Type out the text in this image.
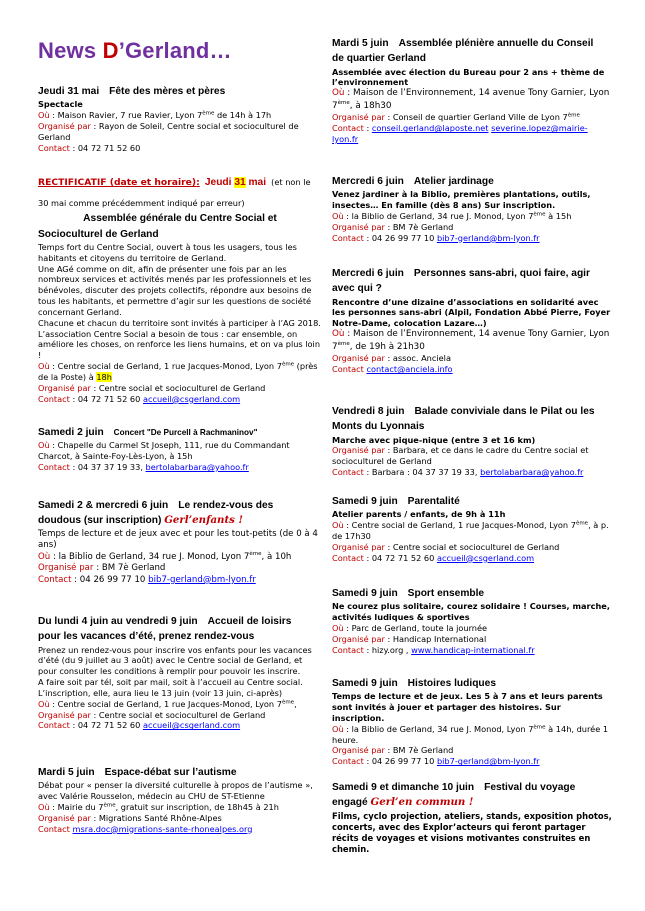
News D’Gerland…
Jeudi 31 mai Fête des mères et pères
Spectacle
Où : Maison Ravier, 7 rue Ravier, Lyon 7ème de 14h à 17h
Organisé par : Rayon de Soleil, Centre social et socioculturel de Gerland
Contact : 04 72 71 52 60
RECTIFICATIF (date et horaire): Jeudi 31 mai (et non le 30 mai comme précédemment indiqué par erreur)
Assemblée générale du Centre Social et
Socioculturel de Gerland
Temps fort du Centre Social, ouvert à tous les usagers, tous les habitants et citoyens du territoire de Gerland.
Une AGé comme on dit, afin de présenter une fois par an les nombreux services et activités menés par les professionnels et les bénévoles, discuter des projets collectifs, répondre aux besoins de tous les habitants, et permettre d’agir sur les questions de société concernant Gerland.
Chacune et chacun du territoire sont invités à participer à l’AG 2018. L’association Centre Social a besoin de tous : car ensemble, on améliore les choses, on renforce les liens humains, et on va plus loin !
Où : Centre social de Gerland, 1 rue Jacques-Monod, Lyon 7ème (près de la Poste) à 18h
Organisé par : Centre social et socioculturel de Gerland
Contact : 04 72 71 52 60 accueil@csgerland.com
Samedi 2 juin Concert "De Purcell à Rachmaninov"
Où : Chapelle du Carmel St Joseph, 111, rue du Commandant Charcot, à Sainte-Foy-Lès-Lyon, à 15h
Contact : 04 37 37 19 33, bertolabarbara@yahoo.fr
Samedi 2 & mercredi 6 juin Le rendez-vous des
doudous (sur inscription) Gerl’enfants !
Temps de lecture et de jeux avec et pour les tout-petits (de 0 à 4 ans)
Où : la Biblio de Gerland, 34 rue J. Monod, Lyon 7ème, à 10h
Organisé par : BM 7è Gerland
Contact : 04 26 99 77 10 bib7-gerland@bm-lyon.fr
Du lundi 4 juin au vendredi 9 juin Accueil de loisirs
pour les vacances d’été, prenez rendez-vous
Prenez un rendez-vous pour inscrire vos enfants pour les vacances d’été (du 9 juillet au 3 août) avec le Centre social de Gerland, et pour consulter les conditions à remplir pour pouvoir les inscrire.
A faire soit par tél, soit par mail, soit à l’accueil au Centre social.
L’inscription, elle, aura lieu le 13 juin (voir 13 juin, ci-après)
Où : Centre social de Gerland, 1 rue Jacques-Monod, Lyon 7ème,
Organisé par : Centre social et socioculturel de Gerland
Contact : 04 72 71 52 60 accueil@csgerland.com
Mardi 5 juin Espace-débat sur l’autisme
Débat pour « penser la diversité culturelle à propos de l’autisme », avec Valérie Rousselon, médecin au CHU de ST-Etienne
Où : Mairie du 7ème, gratuit sur inscription, de 18h45 à 21h
Organisé par : Migrations Santé Rhône-Alpes
Contact msra.doc@migrations-sante-rhonealpes.org
Mardi 5 juin Assemblée plénière annuelle du Conseil
de quartier Gerland
Assemblée avec élection du Bureau pour 2 ans + thème de l’environnement
Où : Maison de l’Environnement, 14 avenue Tony Garnier, Lyon 7ème, à 18h30
Organisé par : Conseil de quartier Gerland Ville de Lyon 7ème
Contact : conseil.gerland@laposte.net severine.lopez@mairie-lyon.fr
Mercredi 6 juin Atelier jardinage
Venez jardiner à la Biblio, premières plantations, outils, insectes… En famille (dès 8 ans) Sur inscription.
Où : la Biblio de Gerland, 34 rue J. Monod, Lyon 7ème à 15h
Organisé par : BM 7è Gerland
Contact : 04 26 99 77 10 bib7-gerland@bm-lyon.fr
Mercredi 6 juin Personnes sans-abri, quoi faire, agir
avec qui ?
Rencontre d’une dizaine d’associations en solidarité avec les personnes sans-abri (Alpil, Fondation Abbé Pierre, Foyer Notre-Dame, colocation Lazare…)
Où : Maison de l’Environnement, 14 avenue Tony Garnier, Lyon 7ème, de 19h à 21h30
Organisé par : assoc. Anciela
Contact contact@anciela.info
Vendredi 8 juin Balade conviviale dans le Pilat ou les
Monts du Lyonnais
Marche avec pique-nique (entre 3 et 16 km)
Organisé par : Barbara, et ce dans le cadre du Centre social et socioculturel de Gerland
Contact : Barbara : 04 37 37 19 33, bertolabarbara@yahoo.fr
Samedi 9 juin Parentalité
Atelier parents / enfants, de 9h à 11h
Où : Centre social de Gerland, 1 rue Jacques-Monod, Lyon 7ème, à p. de 17h30
Organisé par : Centre social et socioculturel de Gerland
Contact : 04 72 71 52 60 accueil@csgerland.com
Samedi 9 juin Sport ensemble
Ne courez plus solitaire, courez solidaire ! Courses, marche, activités ludiques & sportives
Où : Parc de Gerland, toute la journée
Organisé par : Handicap International
Contact : hizy.org , www.handicap-international.fr
Samedi 9 juin Histoires ludiques
Temps de lecture et de jeux. Les 5 à 7 ans et leurs parents sont invités à jouer et partager des histoires. Sur inscription.
Où : la Biblio de Gerland, 34 rue J. Monod, Lyon 7ème à 14h, durée 1 heure.
Organisé par : BM 7è Gerland
Contact : 04 26 99 77 10 bib7-gerland@bm-lyon.fr
Samedi 9 et dimanche 10 juin Festival du voyage
engagé Gerl’en commun !
Films, cyclo projection, ateliers, stands, exposition photos, concerts, avec des Explor’acteurs qui feront partager récits de voyages et visions motivantes construites en chemin.
